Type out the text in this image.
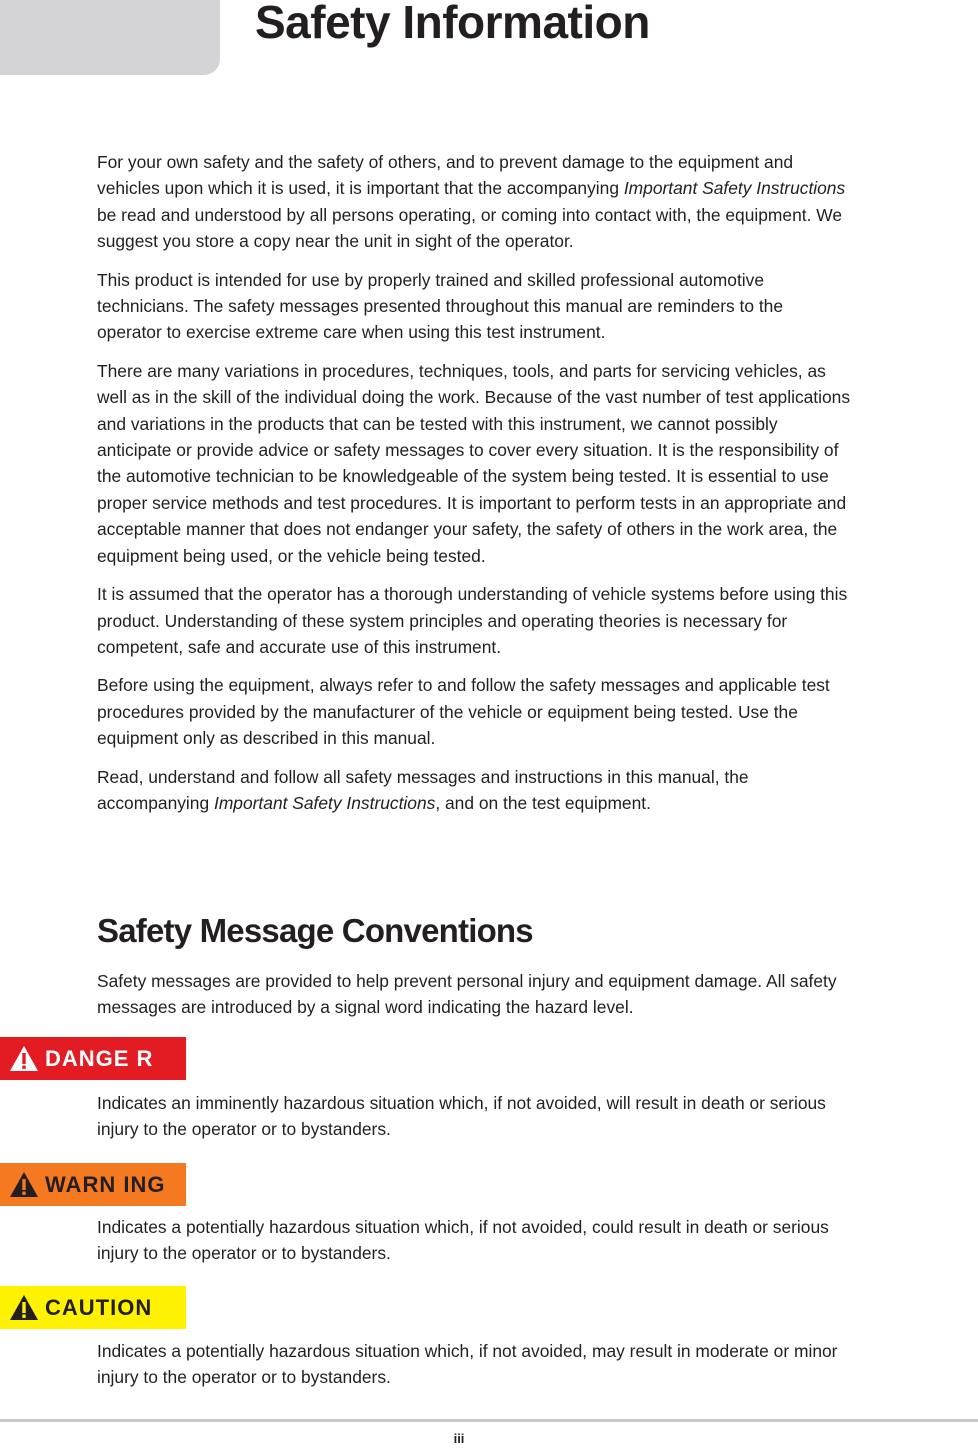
Safety Information

For your own safety and the safety of others, and to prevent damage to the equipment and
vehicles upon which it is used, it is important that the accompanying Important Safety Instructions
be read and understood by all persons operating, or coming into contact with, the equipment. We
suggest you store a copy near the unit in sight of the operator.

This product is intended for use by properly trained and skilled professional automotive
technicians. The safety messages presented throughout this manual are reminders to the
operator to exercise extreme care when using this test instrument.

There are many variations in procedures, techniques, tools, and parts for servicing vehicles, as
well as in the skill of the individual doing the work. Because of the vast number of test applications
and variations in the products that can be tested with this instrument, we cannot possibly
anticipate or provide advice or safety messages to cover every situation. It is the responsibility of
the automotive technician to be knowledgeable of the system being tested. It is essential to use
proper service methods and test procedures. It is important to perform tests in an appropriate and
acceptable manner that does not endanger your safety, the safety of others in the work area, the
equipment being used, or the vehicle being tested.

It is assumed that the operator has a thorough understanding of vehicle systems before using this
product. Understanding of these system principles and operating theories is necessary for
competent, safe and accurate use of this instrument.

Before using the equipment, always refer to and follow the safety messages and applicable test
procedures provided by the manufacturer of the vehicle or equipment being tested. Use the
equipment only as described in this manual.

Read, understand and follow all safety messages and instructions in this manual, the
accompanying Important Safety Instructions, and on the test equipment.

Safety Message Conventions

Safety messages are provided to help prevent personal injury and equipment damage. All safety
messages are introduced by a signal word indicating the hazard level.

DANGE R

Indicates an imminently hazardous situation which, if not avoided, will result in death or serious
injury to the operator or to bystanders.

WARN ING

Indicates a potentially hazardous situation which, if not avoided, could result in death or serious
injury to the operator or to bystanders.

CAUTION

Indicates a potentially hazardous situation which, if not avoided, may result in moderate or minor
injury to the operator or to bystanders.

iii
